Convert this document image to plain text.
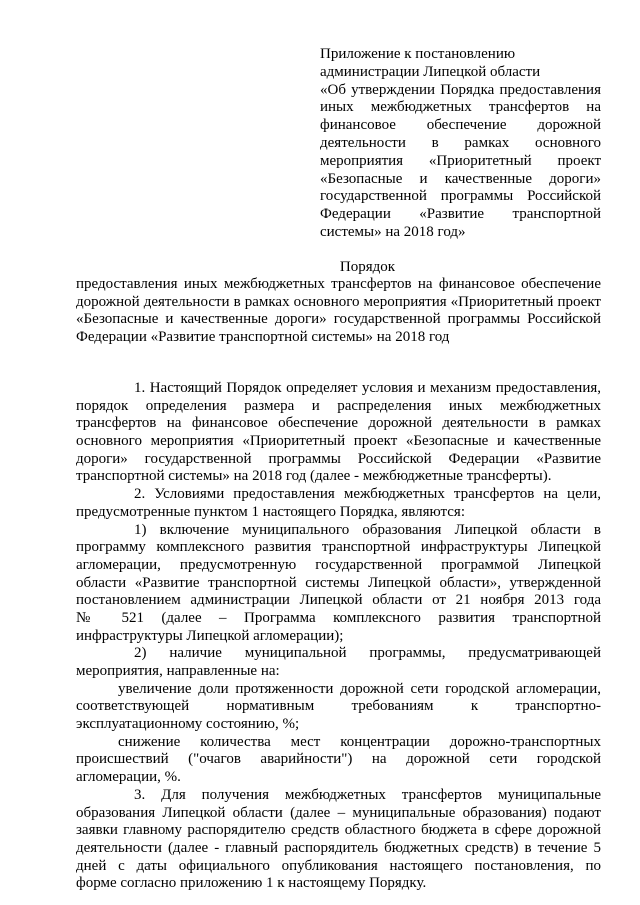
Приложение к постановлению
администрации Липецкой области
«Об утверждении Порядка предоставления
иных межбюджетных трансфертов на
финансовое обеспечение дорожной
деятельности в рамках основного
мероприятия «Приоритетный проект
«Безопасные и качественные дороги»
государственной программы Российской
Федерации «Развитие транспортной
системы» на 2018 год»
Порядок
предоставления иных межбюджетных трансфертов на финансовое обеспечение
дорожной деятельности в рамках основного мероприятия «Приоритетный проект
«Безопасные и качественные дороги» государственной программы Российской
Федерации «Развитие транспортной системы» на 2018 год
1. Настоящий Порядок определяет условия и механизм предоставления,
порядок определения размера и распределения иных межбюджетных
трансфертов на финансовое обеспечение дорожной деятельности в рамках
основного мероприятия «Приоритетный проект «Безопасные и качественные
дороги» государственной программы Российской Федерации «Развитие
транспортной системы» на 2018 год (далее - межбюджетные трансферты).
2. Условиями предоставления межбюджетных трансфертов на цели,
предусмотренные пунктом 1 настоящего Порядка, являются:
1) включение муниципального образования Липецкой области в
программу комплексного развития транспортной инфраструктуры Липецкой
агломерации, предусмотренную государственной программой Липецкой
области «Развитие транспортной системы Липецкой области», утвержденной
постановлением администрации Липецкой области от 21 ноября 2013 года
№ 521 (далее – Программа комплексного развития транспортной
инфраструктуры Липецкой агломерации);
2) наличие муниципальной программы, предусматривающей
мероприятия, направленные на:
увеличение доли протяженности дорожной сети городской агломерации,
соответствующей нормативным требованиям к транспортно-
эксплуатационному состоянию, %;
снижение количества мест концентрации дорожно-транспортных
происшествий ("очагов аварийности") на дорожной сети городской
агломерации, %.
3. Для получения межбюджетных трансфертов муниципальные
образования Липецкой области (далее – муниципальные образования) подают
заявки главному распорядителю средств областного бюджета в сфере дорожной
деятельности (далее - главный распорядитель бюджетных средств) в течение 5
дней с даты официального опубликования настоящего постановления, по
форме согласно приложению 1 к настоящему Порядку.
